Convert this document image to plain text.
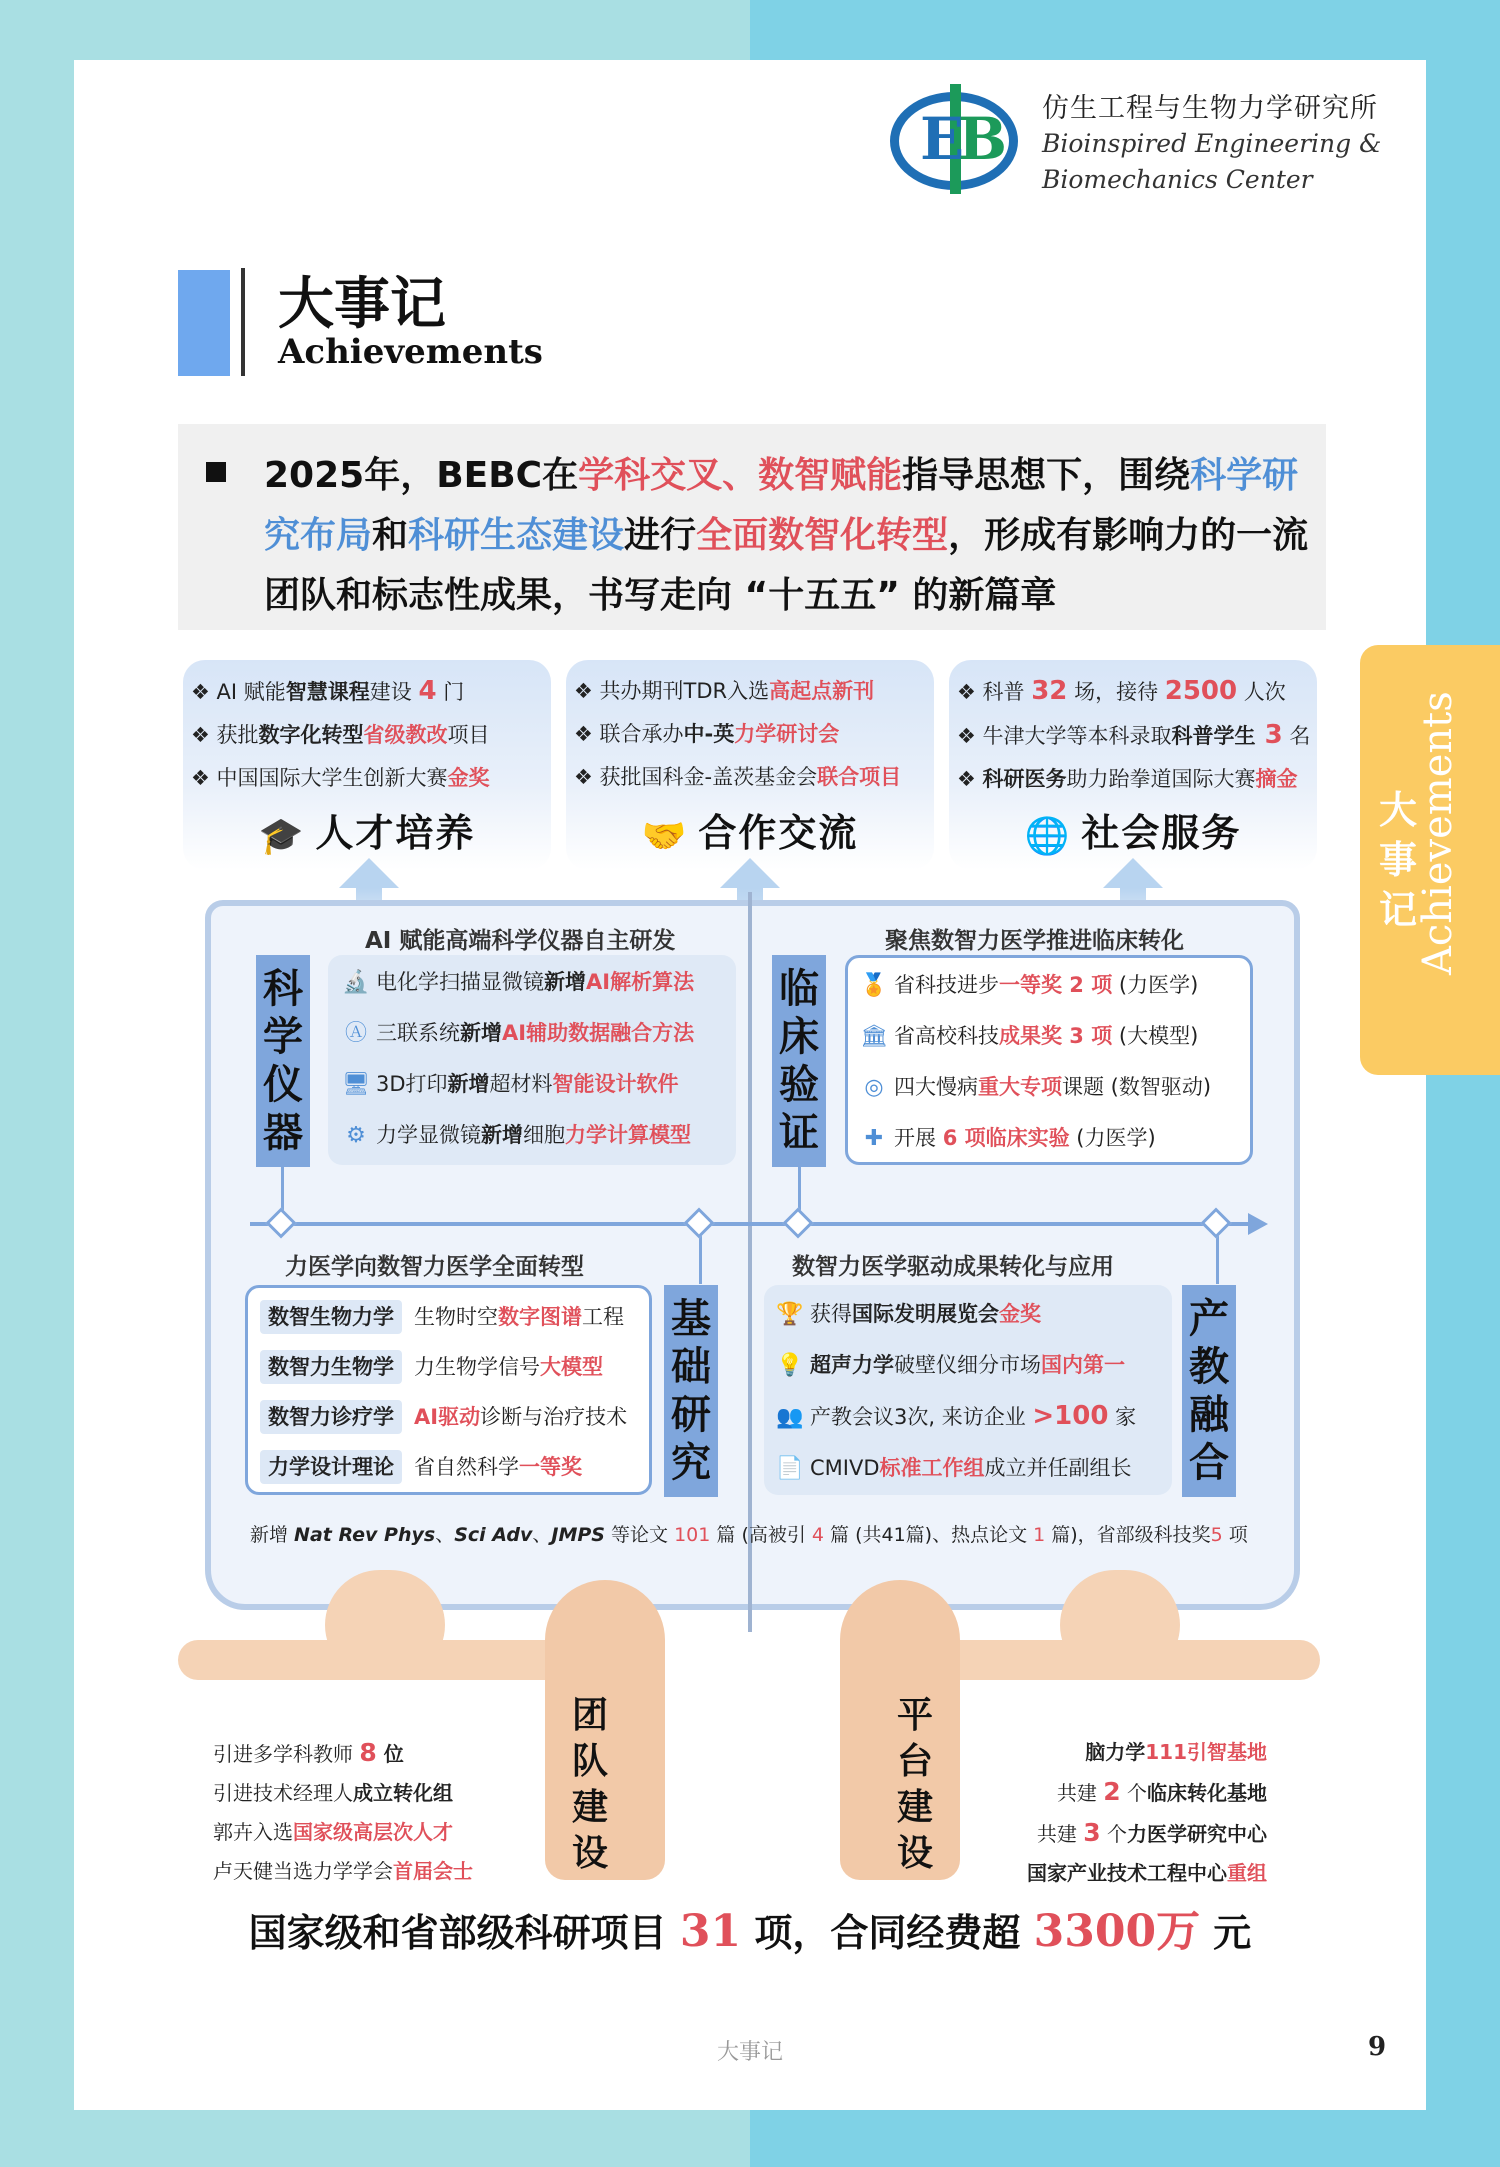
E
B 仿生工程与生物力学研究所
Bioinspired Engineering &
Biomechanics Center
大事记
Achievements
2025年，BEBC在学科交叉、数智赋能指导思想下，围绕科学研究布局和科研生态建设进行全面数智化转型，形成有影响力的一流团队和标志性成果，书写走向 “十五五” 的新篇章
❖ AI 赋能智慧课程建设 4 门
❖ 获批数字化转型省级教改项目
❖ 中国国际大学生创新大赛金奖
🎓 人才培养
❖ 共办期刊TDR入选高起点新刊
❖ 联合承办中-英力学研讨会
❖ 获批国科金-盖茨基金会联合项目
🤝 合作交流
❖ 科普 32 场，接待 2500 人次
❖ 牛津大学等本科录取科普学生 3 名
❖ 科研医务助力跆拳道国际大赛摘金
🌐 社会服务
AI 赋能高端科学仪器自主研发
科学仪器
🔬 电化学扫描显微镜新增AI解析算法
Ⓐ 三联系统新增AI辅助数据融合方法
🖥 3D打印新增超材料智能设计软件
⚙ 力学显微镜新增细胞力学计算模型
聚焦数智力医学推进临床转化
临床验证
🏅 省科技进步一等奖 2 项 (力医学)
🏛 省高校科技成果奖 3 项 (大模型)
◎ 四大慢病重大专项课题 (数智驱动)
✚ 开展 6 项临床实验 (力医学)
力医学向数智力医学全面转型
数智生物力学 生物时空数字图谱工程
数智力生物学 力生物学信号大模型
数智力诊疗学 AI驱动诊断与治疗技术
力学设计理论 省自然科学一等奖
基础研究
数智力医学驱动成果转化与应用
🏆 获得国际发明展览会金奖
💡 超声力学破壁仪细分市场国内第一
👥 产教会议3次, 来访企业 >100 家
📄 CMIVD标准工作组成立并任副组长
产教融合
新增 Nat Rev Phys、Sci Adv、JMPS 等论文 101 篇 (高被引 4 篇 (共41篇)、热点论文 1 篇)，省部级科技奖5 项
团队建设
平台建设
引进多学科教师 8 位
引进技术经理人成立转化组
郭卉入选国家级高层次人才
卢天健当选力学学会首届会士
脑力学111引智基地
共建 2 个临床转化基地
共建 3 个力医学研究中心
国家产业技术工程中心重组
国家级和省部级科研项目 31 项，合同经费超 3300万 元
大事记
Achievements
大事记	9
